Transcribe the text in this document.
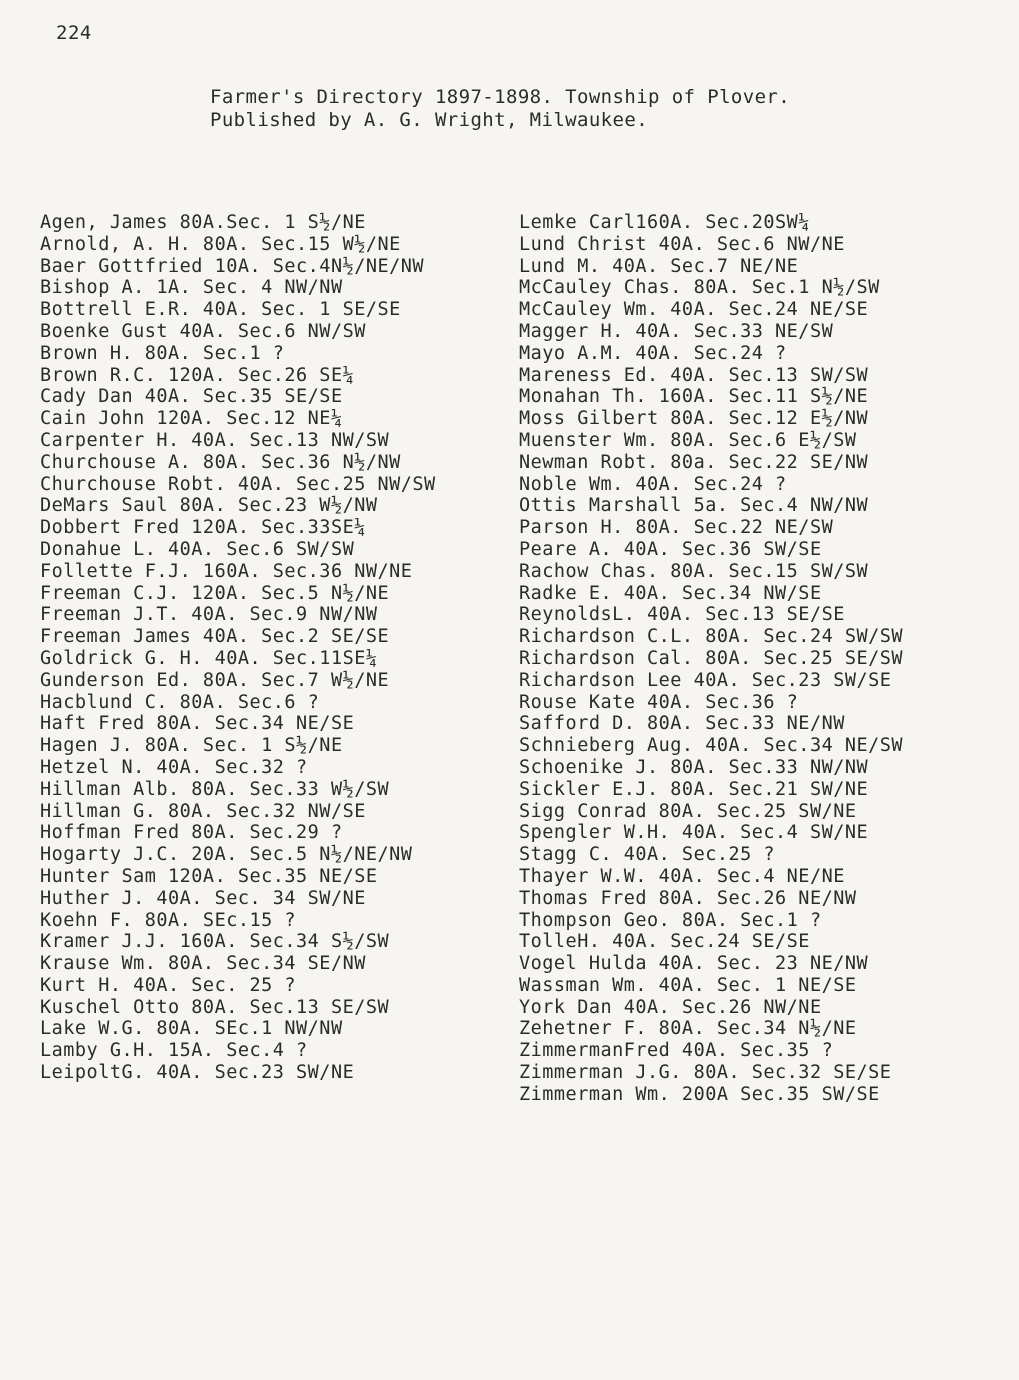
224
Farmer's Directory 1897-1898. Township of Plover.
Published by A. G. Wright, Milwaukee.
Agen, James 80A.Sec. 1 S½/NE
Arnold, A. H. 80A. Sec.15 W½/NE
Baer Gottfried 10A. Sec.4N½/NE/NW
Bishop A. 1A. Sec. 4 NW/NW
Bottrell E.R. 40A. Sec. 1 SE/SE
Boenke Gust 40A. Sec.6 NW/SW
Brown H. 80A. Sec.1 ?
Brown R.C. 120A. Sec.26 SE¼
Cady Dan 40A. Sec.35 SE/SE
Cain John 120A. Sec.12 NE¼
Carpenter H. 40A. Sec.13 NW/SW
Churchouse A. 80A. Sec.36 N½/NW
Churchouse Robt. 40A. Sec.25 NW/SW
DeMars Saul 80A. Sec.23 W½/NW
Dobbert Fred 120A. Sec.33SE¼
Donahue L. 40A. Sec.6 SW/SW
Follette F.J. 160A. Sec.36 NW/NE
Freeman C.J. 120A. Sec.5 N½/NE
Freeman J.T. 40A. Sec.9 NW/NW
Freeman James 40A. Sec.2 SE/SE
Goldrick G. H. 40A. Sec.11SE¼
Gunderson Ed. 80A. Sec.7 W½/NE
Hacblund C. 80A. Sec.6 ?
Haft Fred 80A. Sec.34 NE/SE
Hagen J. 80A. Sec. 1 S½/NE
Hetzel N. 40A. Sec.32 ?
Hillman Alb. 80A. Sec.33 W½/SW
Hillman G. 80A. Sec.32 NW/SE
Hoffman Fred 80A. Sec.29 ?
Hogarty J.C. 20A. Sec.5 N½/NE/NW
Hunter Sam 120A. Sec.35 NE/SE
Huther J. 40A. Sec. 34 SW/NE
Koehn F. 80A. SEc.15 ?
Kramer J.J. 160A. Sec.34 S½/SW
Krause Wm. 80A. Sec.34 SE/NW
Kurt H. 40A. Sec. 25 ?
Kuschel Otto 80A. Sec.13 SE/SW
Lake W.G. 80A. SEc.1 NW/NW
Lamby G.H. 15A. Sec.4 ?
LeipoltG. 40A. Sec.23 SW/NE
Lemke Carl160A. Sec.20SW¼
Lund Christ 40A. Sec.6 NW/NE
Lund M. 40A. Sec.7 NE/NE
McCauley Chas. 80A. Sec.1 N½/SW
McCauley Wm. 40A. Sec.24 NE/SE
Magger H. 40A. Sec.33 NE/SW
Mayo A.M. 40A. Sec.24 ?
Mareness Ed. 40A. Sec.13 SW/SW
Monahan Th. 160A. Sec.11 S½/NE
Moss Gilbert 80A. Sec.12 E½/NW
Muenster Wm. 80A. Sec.6 E½/SW
Newman Robt. 80a. Sec.22 SE/NW
Noble Wm. 40A. Sec.24 ?
Ottis Marshall 5a. Sec.4 NW/NW
Parson H. 80A. Sec.22 NE/SW
Peare A. 40A. Sec.36 SW/SE
Rachow Chas. 80A. Sec.15 SW/SW
Radke E. 40A. Sec.34 NW/SE
ReynoldsL. 40A. Sec.13 SE/SE
Richardson C.L. 80A. Sec.24 SW/SW
Richardson Cal. 80A. Sec.25 SE/SW
Richardson Lee 40A. Sec.23 SW/SE
Rouse Kate 40A. Sec.36 ?
Safford D. 80A. Sec.33 NE/NW
Schnieberg Aug. 40A. Sec.34 NE/SW
Schoenike J. 80A. Sec.33 NW/NW
Sickler E.J. 80A. Sec.21 SW/NE
Sigg Conrad 80A. Sec.25 SW/NE
Spengler W.H. 40A. Sec.4 SW/NE
Stagg C. 40A. Sec.25 ?
Thayer W.W. 40A. Sec.4 NE/NE
Thomas Fred 80A. Sec.26 NE/NW
Thompson Geo. 80A. Sec.1 ?
TolleH. 40A. Sec.24 SE/SE
Vogel Hulda 40A. Sec. 23 NE/NW
Wassman Wm. 40A. Sec. 1 NE/SE
York Dan 40A. Sec.26 NW/NE
Zehetner F. 80A. Sec.34 N½/NE
ZimmermanFred 40A. Sec.35 ?
Zimmerman J.G. 80A. Sec.32 SE/SE
Zimmerman Wm. 200A Sec.35 SW/SE
